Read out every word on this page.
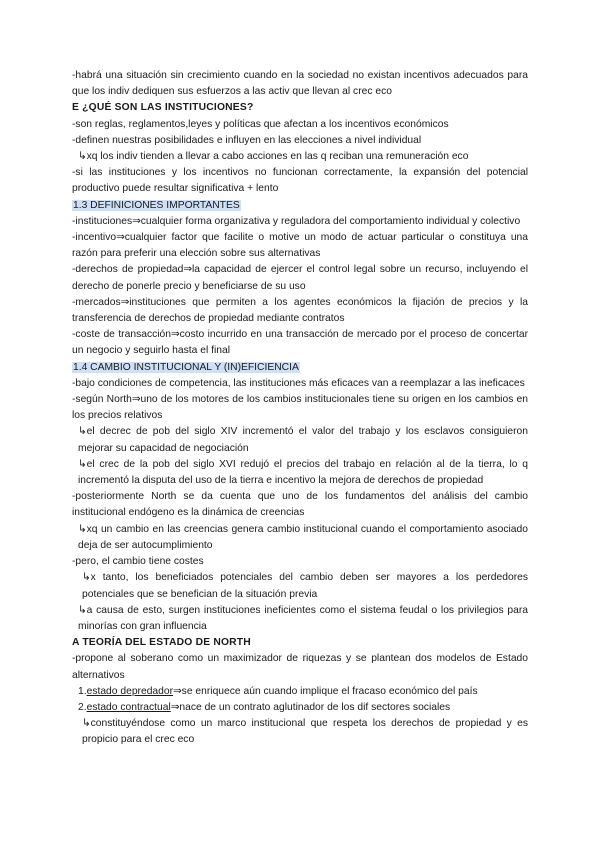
-habrá una situación sin crecimiento cuando en la sociedad no existan incentivos adecuados para que los indiv dediquen sus esfuerzos a las activ que llevan al crec eco

E ¿QUÉ SON LAS INSTITUCIONES?

-son reglas, reglamentos,leyes y políticas que afectan a los incentivos económicos

-definen nuestras posibilidades e influyen en las elecciones a nivel individual

↳xq los indiv tienden a llevar a cabo acciones en las q reciban una remuneración eco

-si las instituciones y los incentivos no funcionan correctamente, la expansión del potencial productivo puede resultar significativa + lento

1.3 DEFINICIONES IMPORTANTES

-instituciones⇒cualquier forma organizativa y reguladora del comportamiento individual y colectivo

-incentivo⇒cualquier factor que facilite o motive un modo de actuar particular o constituya una razón para preferir una elección sobre sus alternativas

-derechos de propiedad⇒la capacidad de ejercer el control legal sobre un recurso, incluyendo el derecho de ponerle precio y beneficiarse de su uso

-mercados⇒instituciones que permiten a los agentes económicos la fijación de precios y la transferencia de derechos de propiedad mediante contratos

-coste de transacción⇒costo incurrido en una transacción de mercado por el proceso de concertar un negocio y seguirlo hasta el final

1.4 CAMBIO INSTITUCIONAL Y (IN)EFICIENCIA

-bajo condiciones de competencia, las instituciones más eficaces van a reemplazar a las ineficaces

-según North⇒uno de los motores de los cambios institucionales tiene su origen en los cambios en los precios relativos

↳el decrec de pob del siglo XIV incrementó el valor del trabajo y los esclavos consiguieron mejorar su capacidad de negociación

↳el crec de la pob del siglo XVI redujó el precios del trabajo en relación al de la tierra, lo q incrementó la disputa del uso de la tierra e incentivo la mejora de derechos de propiedad

-posteriormente North se da cuenta que uno de los fundamentos del análisis del cambio institucional endógeno es la dinámica de creencias

↳xq un cambio en las creencias genera cambio institucional cuando el comportamiento asociado deja de ser autocumplimiento

-pero, el cambio tiene costes

↳x tanto, los beneficiados potenciales del cambio deben ser mayores a los perdedores potenciales que se benefician de la situación previa

↳a causa de esto, surgen instituciones ineficientes como el sistema feudal o los privilegios para minorías con gran influencia

A TEORÍA DEL ESTADO DE NORTH

-propone al soberano como un maximizador de riquezas y se plantean dos modelos de Estado alternativos

1.estado depredador⇒se enriquece aún cuando implique el fracaso económico del país

2.estado contractual⇒nace de un contrato aglutinador de los dif sectores sociales

↳constituyéndose como un marco institucional que respeta los derechos de propiedad y es propicio para el crec eco
